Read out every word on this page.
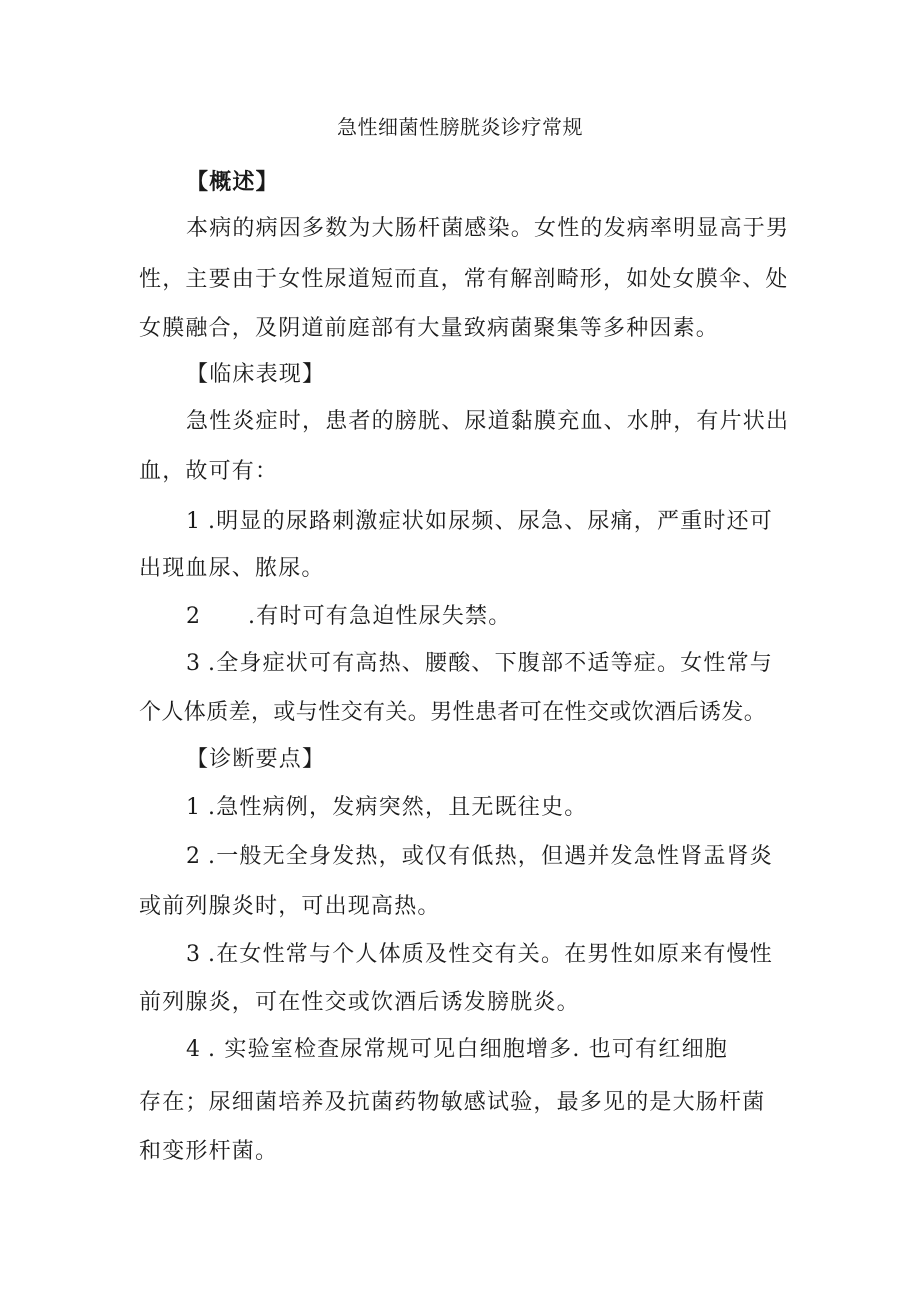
急性细菌性膀胱炎诊疗常规
【概述】
本病的病因多数为大肠杆菌感染。女性的发病率明显高于男
性，主要由于女性尿道短而直，常有解剖畸形，如处女膜伞、处
女膜融合，及阴道前庭部有大量致病菌聚集等多种因素。
【临床表现】
急性炎症时，患者的膀胱、尿道黏膜充血、水肿，有片状出
血，故可有：
1 .明显的尿路刺激症状如尿频、尿急、尿痛，严重时还可
出现血尿、脓尿。
2 .有时可有急迫性尿失禁。
3 .全身症状可有高热、腰酸、下腹部不适等症。女性常与
个人体质差，或与性交有关。男性患者可在性交或饮酒后诱发。
【诊断要点】
1 .急性病例，发病突然，且无既往史。
2 .一般无全身发热，或仅有低热，但遇并发急性肾盂肾炎
或前列腺炎时，可出现高热。
3 .在女性常与个人体质及性交有关。在男性如原来有慢性
前列腺炎，可在性交或饮酒后诱发膀胱炎。
4 . 实验室检查尿常规可见白细胞增多. 也可有红细胞
存在；尿细菌培养及抗菌药物敏感试验，最多见的是大肠杆菌
和变形杆菌。
